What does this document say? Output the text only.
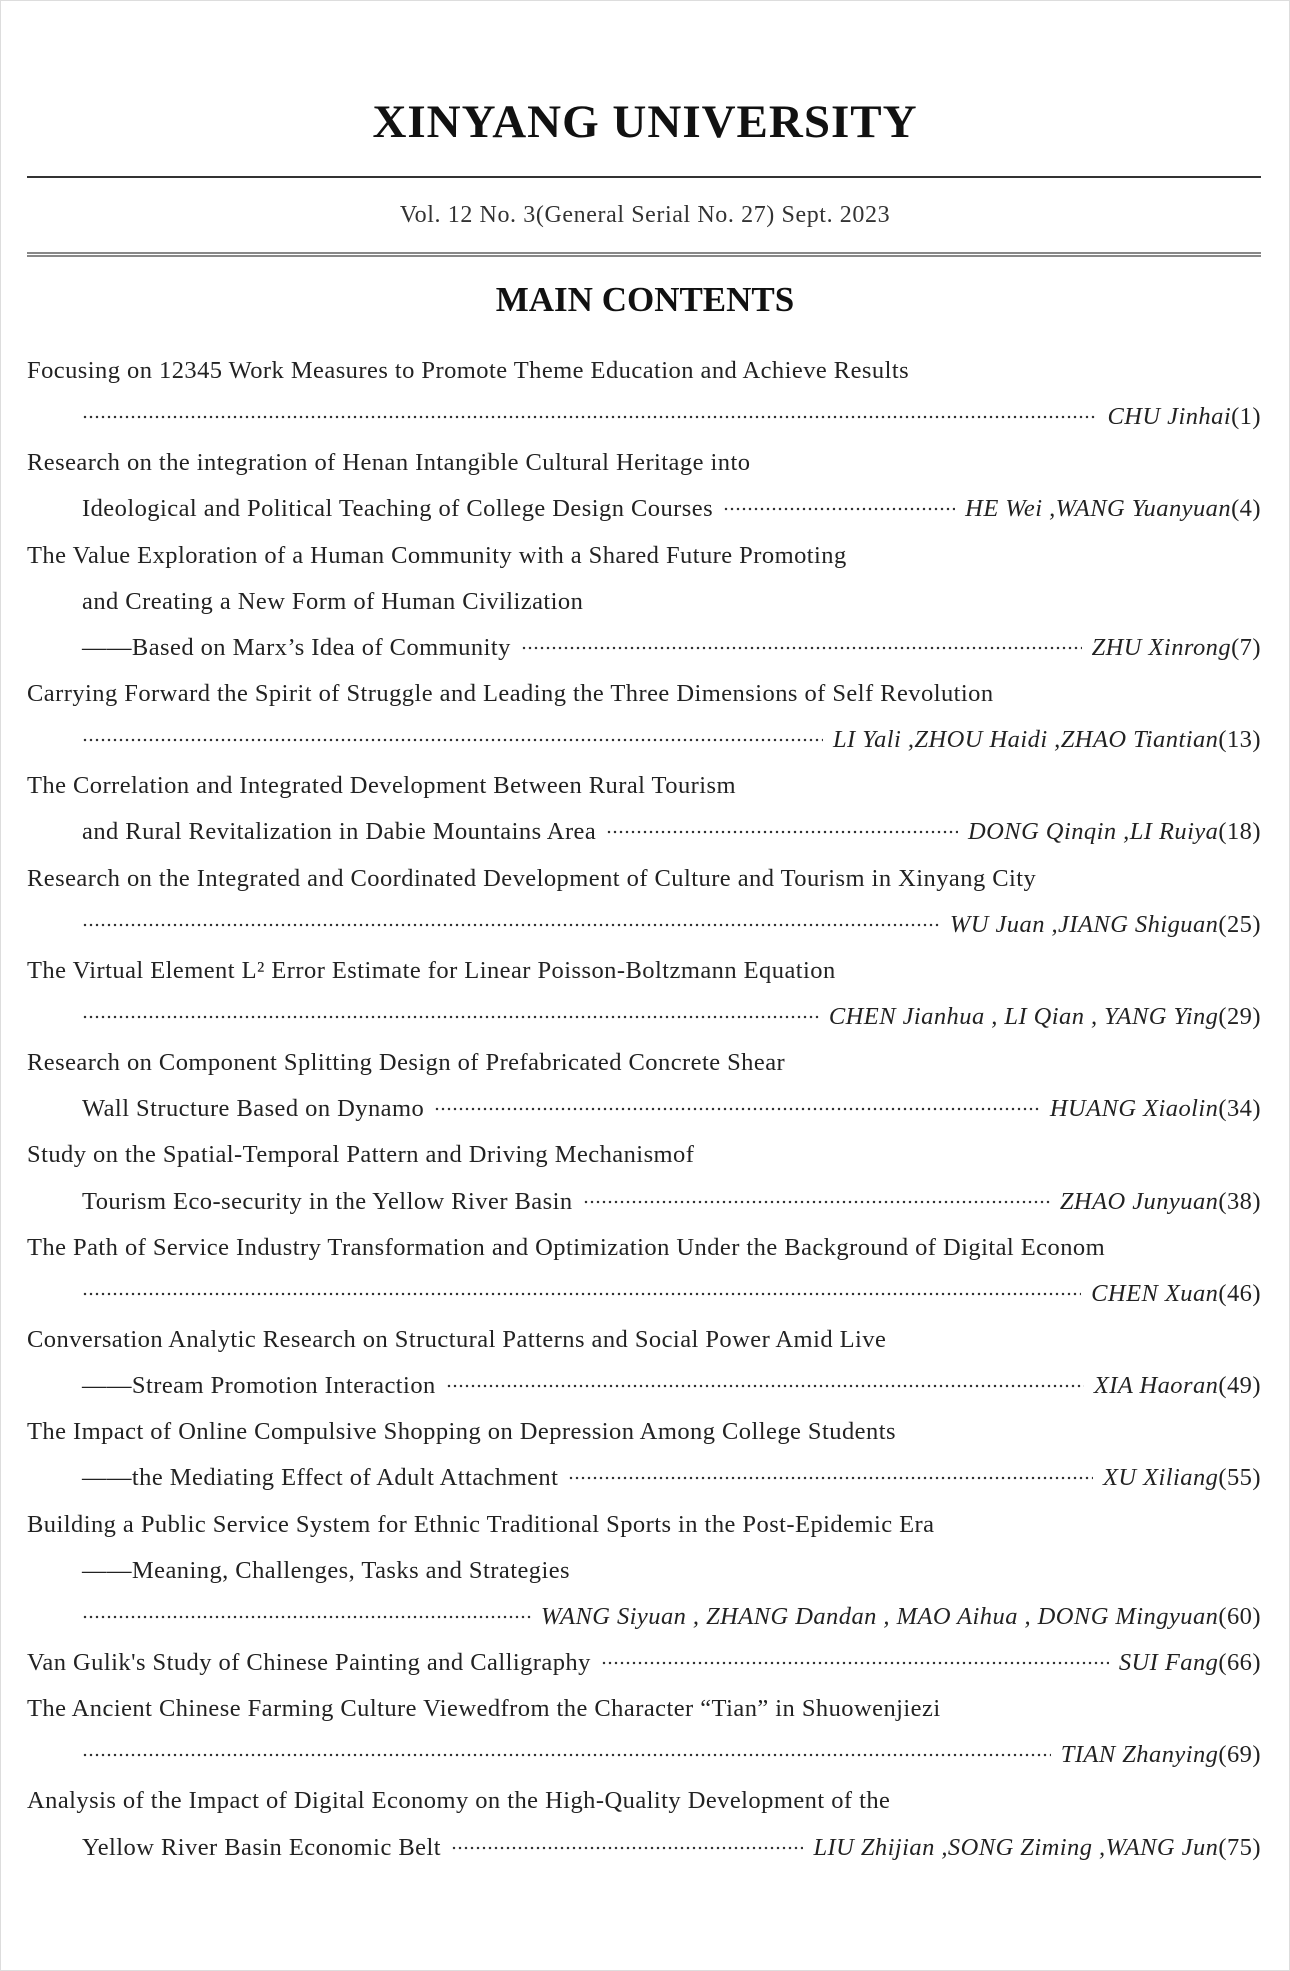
XINYANG UNIVERSITY
Vol. 12 No. 3(General Serial No. 27) Sept. 2023
MAIN CONTENTS
Focusing on 12345 Work Measures to Promote Theme Education and Achieve Results
CHU Jinhai (1)
Research on the integration of Henan Intangible Cultural Heritage into
Ideological and Political Teaching of College Design Courses	HE Wei ,WANG Yuanyuan (4)
The Value Exploration of a Human Community with a Shared Future Promoting
and Creating a New Form of Human Civilization
——Based on Marx’s Idea of Community	ZHU Xinrong (7)
Carrying Forward the Spirit of Struggle and Leading the Three Dimensions of Self Revolution
LI Yali ,ZHOU Haidi ,ZHAO Tiantian (13)
The Correlation and Integrated Development Between Rural Tourism
and Rural Revitalization in Dabie Mountains Area	DONG Qinqin ,LI Ruiya (18)
Research on the Integrated and Coordinated Development of Culture and Tourism in Xinyang City
WU Juan ,JIANG Shiguan (25)
The Virtual Element L² Error Estimate for Linear Poisson-Boltzmann Equation
CHEN Jianhua , LI Qian , YANG Ying (29)
Research on Component Splitting Design of Prefabricated Concrete Shear
Wall Structure Based on Dynamo	HUANG Xiaolin (34)
Study on the Spatial-Temporal Pattern and Driving Mechanismof
Tourism Eco-security in the Yellow River Basin	ZHAO Junyuan (38)
The Path of Service Industry Transformation and Optimization Under the Background of Digital Econom
CHEN Xuan (46)
Conversation Analytic Research on Structural Patterns and Social Power Amid Live
——Stream Promotion Interaction	XIA Haoran (49)
The Impact of Online Compulsive Shopping on Depression Among College Students
——the Mediating Effect of Adult Attachment	XU Xiliang (55)
Building a Public Service System for Ethnic Traditional Sports in the Post-Epidemic Era
——Meaning, Challenges, Tasks and Strategies
WANG Siyuan , ZHANG Dandan , MAO Aihua , DONG Mingyuan (60)
Van Gulik's Study of Chinese Painting and Calligraphy	SUI Fang (66)
The Ancient Chinese Farming Culture Viewedfrom the Character “Tian” in Shuowenjiezi
TIAN Zhanying (69)
Analysis of the Impact of Digital Economy on the High-Quality Development of the
Yellow River Basin Economic Belt	LIU Zhijian ,SONG Ziming ,WANG Jun (75)
